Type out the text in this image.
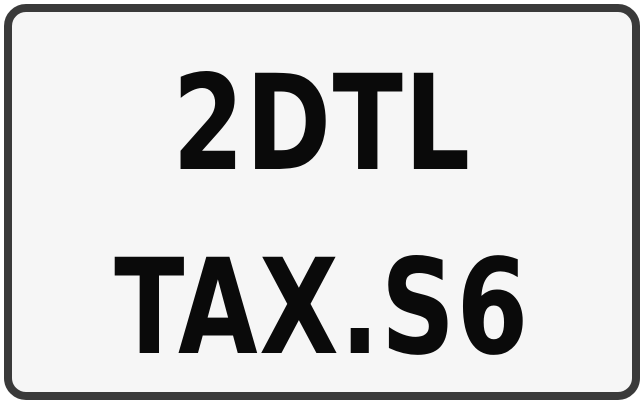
2DTL
TAX.S6
